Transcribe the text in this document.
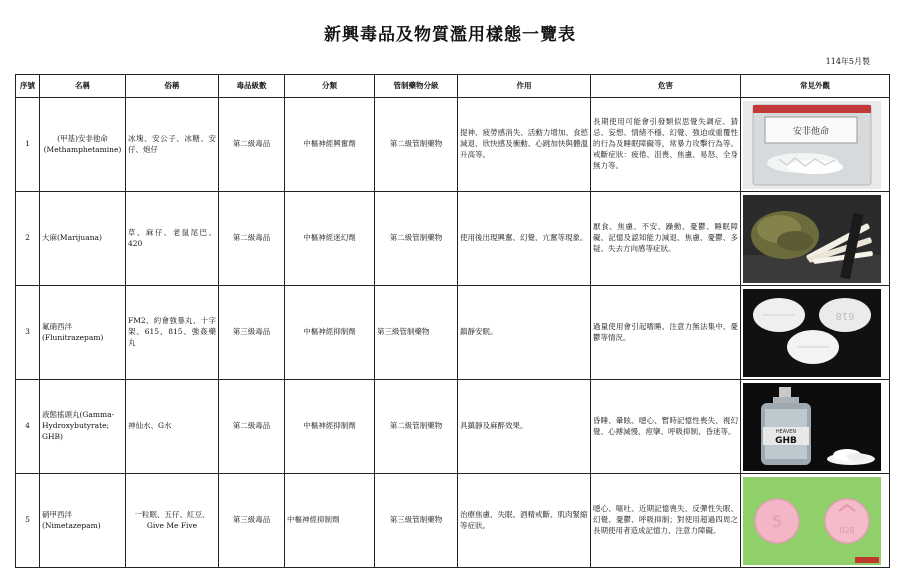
新興毒品及物質濫用樣態一覽表
114年5月製
序號	名稱	俗稱	毒品級數	分類	管制藥物分級	作用	危害	常見外觀
1	(甲基)安非他命(Methamphetamine)	冰塊、安公子、冰糖、安仔、炮仔	第二級毒品	中樞神經興奮劑	第二級管制藥物	提神、疲勞感消失、活動力增加、食慾減退、欣快感及衝動、心跳加快與體溫升高等。	長期使用可能會引發類似思覺失調症、猜忌、妄想、情緒不穩、幻覺、強迫或重覆性的行為及睡眠障礙等，常暴力攻擊行為等。戒斷症狀：疲倦、沮喪、焦慮、易怒、全身無力等。	安非他命

2	大麻(Marijuana)	草、麻仔、老鼠尾巴、420	第二級毒品	中樞神經迷幻劑	第二級管制藥物	使用後出現興奮、幻覺、亢奮等現象。	厭食、焦慮、不安、躁動、憂鬱、睡眠障礙、記憶及認知能力減退、焦慮、憂鬱、多疑、失去方向感等症狀。	

3	氟硝西泮(Flunitrazepam)	FM2、約會強暴丸、十字架、615、815、強姦藥丸	第三級毒品	中樞神經抑制劑	第三級管制藥物	鎮靜安眠。	過量使用會引起嗜睡、注意力無法集中、憂鬱等情況。	618

4	液態搖頭丸(Gamma-Hydroxybutyrate; GHB)	神仙水、G水	第二級毒品	中樞神經抑制劑	第二級管制藥物	具鎮靜及麻醉效果。	昏睡、暈眩、噁心、暫時記憶性喪失、視幻覺、心搏減慢、痙攣、呼吸抑制、昏迷等。	HEAVEN
GHB

5	硝甲西泮(Nimetazepam)	一粒眠、五仔、紅豆、Give Me Five	第三級毒品	中樞神經抑制劑	第三級管制藥物	治療焦慮、失眠、酒精戒斷、肌肉緊縮等症狀。	噁心、嘔吐、近期記憶喪失、反彈性失眠、幻覺、憂鬱、呼吸抑制；對使用超過四周之長期使用者造成記憶力、注意力障礙。	5 028
